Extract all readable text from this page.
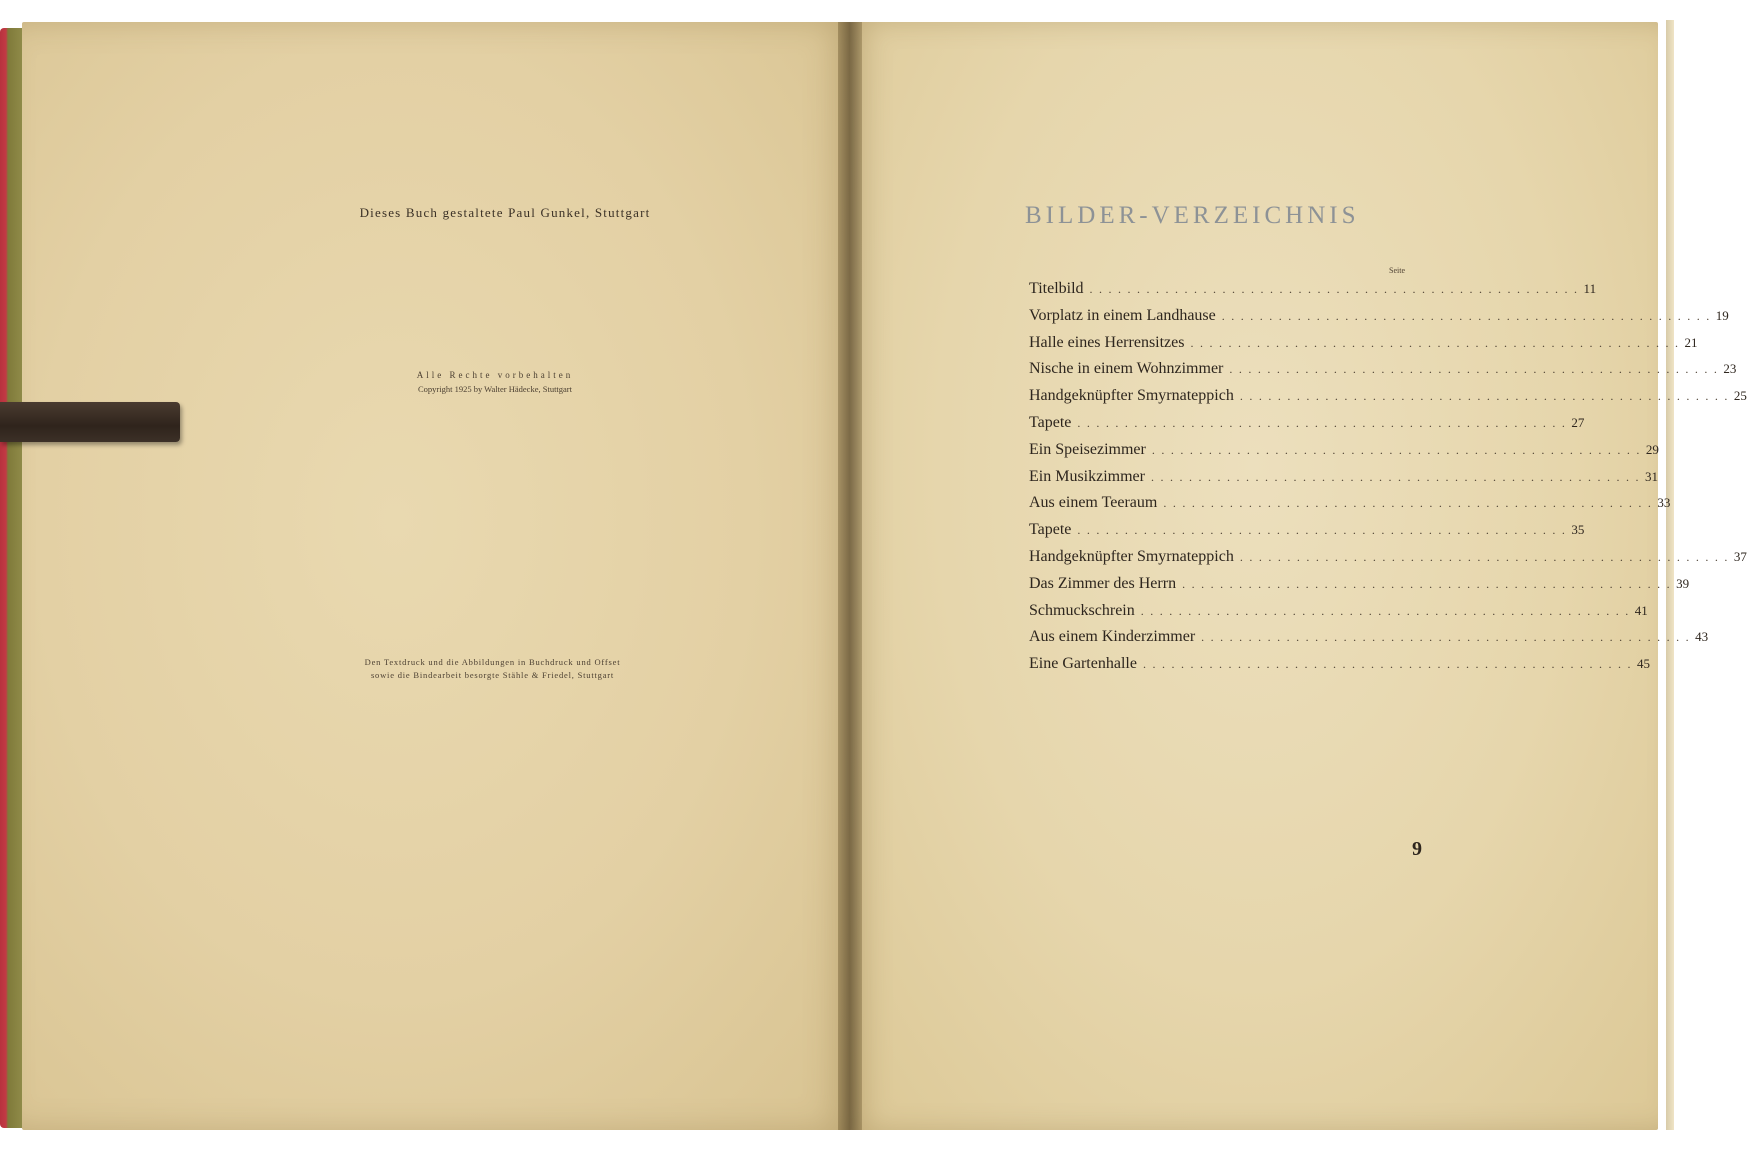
Dieses Buch gestaltete Paul Gunkel, Stuttgart
Alle Rechte vorbehalten
Copyright 1925 by Walter Hädecke, Stuttgart
Den Textdruck und die Abbildungen in Buchdruck und Offset
sowie die Bindearbeit besorgte Stähle & Friedel, Stuttgart
BILDER-VERZEICHNIS
Seite
Titelbild .................................................... 11
Vorplatz in einem Landhause .................................................... 19
Halle eines Herrensitzes .................................................... 21
Nische in einem Wohnzimmer .................................................... 23
Handgeknüpfter Smyrnateppich .................................................... 25
Tapete .................................................... 27
Ein Speisezimmer .................................................... 29
Ein Musikzimmer .................................................... 31
Aus einem Teeraum .................................................... 33
Tapete .................................................... 35
Handgeknüpfter Smyrnateppich .................................................... 37
Das Zimmer des Herrn .................................................... 39
Schmuckschrein .................................................... 41
Aus einem Kinderzimmer .................................................... 43
Eine Gartenhalle .................................................... 45
9
